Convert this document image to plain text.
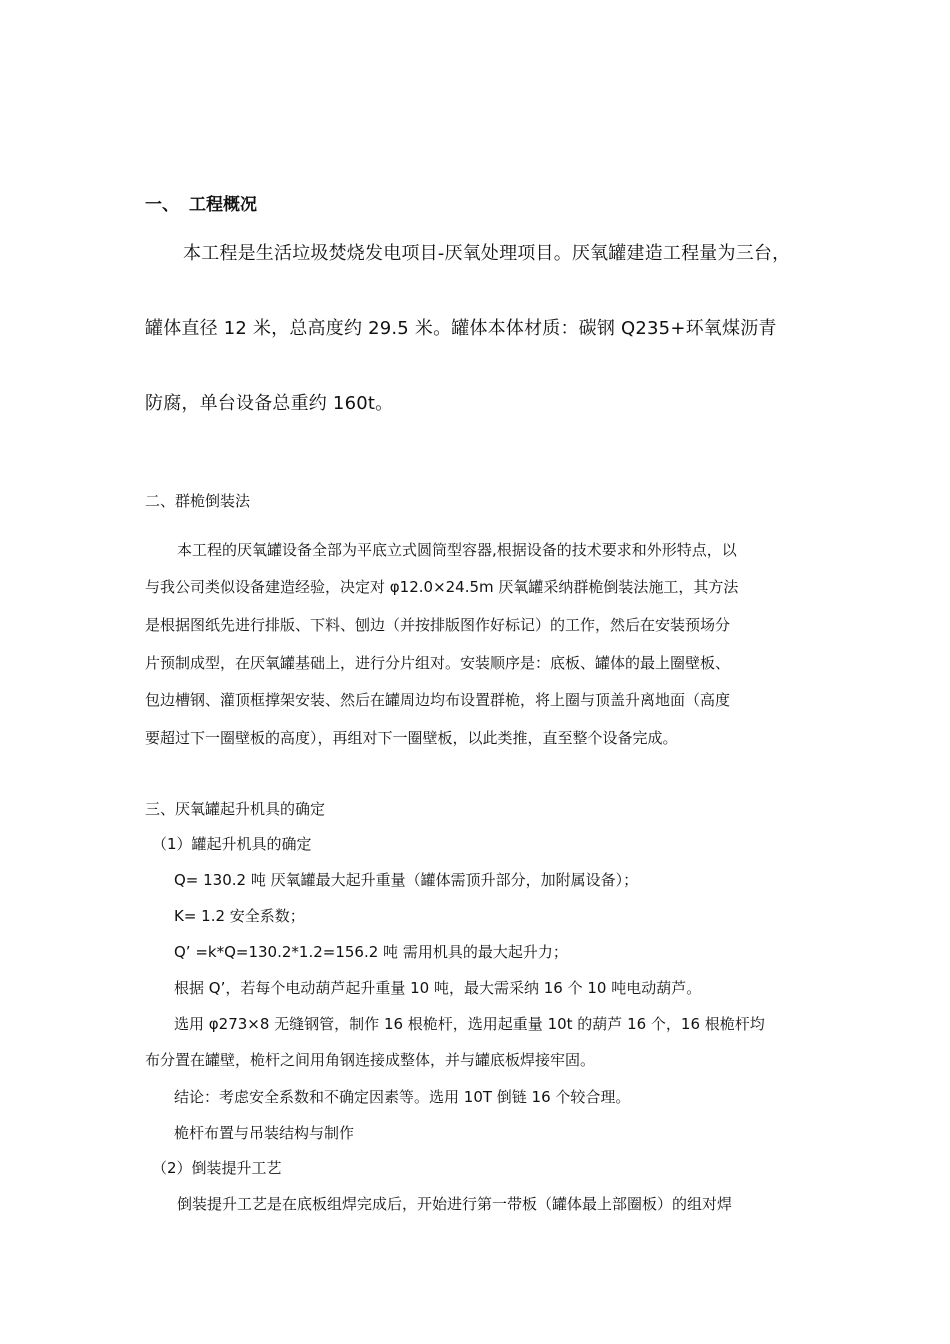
一、 工程概况
本工程是生活垃圾焚烧发电项目-厌氧处理项目。厌氧罐建造工程量为三台，
罐体直径 12 米，总高度约 29.5 米。罐体本体材质：碳钢 Q235+环氧煤沥青
防腐，单台设备总重约 160t。
二、群桅倒装法
本工程的厌氧罐设备全部为平底立式圆筒型容器,根据设备的技术要求和外形特点，以
与我公司类似设备建造经验，决定对 φ12.0×24.5m 厌氧罐采纳群桅倒装法施工，其方法
是根据图纸先进行排版、下料、刨边（并按排版图作好标记）的工作，然后在安装预场分
片预制成型，在厌氧罐基础上，进行分片组对。安装顺序是：底板、罐体的最上圈壁板、
包边槽钢、灌顶框撑架安装、然后在罐周边均布设置群桅，将上圈与顶盖升离地面（高度
要超过下一圈壁板的高度），再组对下一圈壁板，以此类推，直至整个设备完成。
三、厌氧罐起升机具的确定
（1）罐起升机具的确定
Q= 130.2 吨 厌氧罐最大起升重量（罐体需顶升部分，加附属设备）；
K= 1.2 安全系数；
Q’ =k*Q=130.2*1.2=156.2 吨 需用机具的最大起升力；
根据 Q’，若每个电动葫芦起升重量 10 吨，最大需采纳 16 个 10 吨电动葫芦。
选用 φ273×8 无缝钢管，制作 16 根桅杆，选用起重量 10t 的葫芦 16 个，16 根桅杆均
布分置在罐壁，桅杆之间用角钢连接成整体，并与罐底板焊接牢固。
结论：考虑安全系数和不确定因素等。选用 10T 倒链 16 个较合理。
桅杆布置与吊装结构与制作
（2）倒装提升工艺
倒装提升工艺是在底板组焊完成后，开始进行第一带板（罐体最上部圈板）的组对焊
